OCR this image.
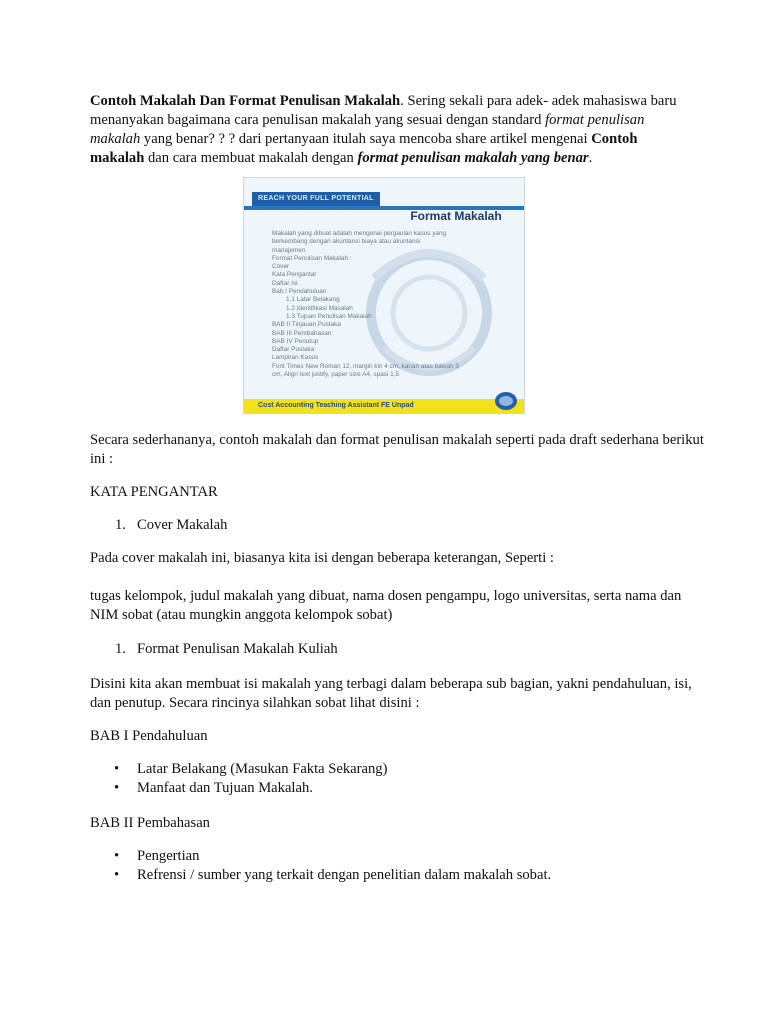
Contoh Makalah Dan Format Penulisan Makalah. Sering sekali para adek- adek mahasiswa baru menanyakan bagaimana cara penulisan makalah yang sesuai dengan standard format penulisan makalah yang benar? ? ? dari pertanyaan itulah saya mencoba share artikel mengenai Contoh makalah dan cara membuat makalah dengan format penulisan makalah yang benar.

REACH YOUR FULL POTENTIAL
Format Makalah
Makalah yang dibuat adalah mengenai pergaulan kasus yang
berkembang dengan akuntansi biaya atau akuntansi
manajemen
Format Penulisan Makalah :
Cover
Kata Pengantar
Daftar Isi
Bab I Pendahuluan
1.1 Latar Belakang
1.2 Identifikasi Masalah
1.3 Tujuan Penulisan Makalah
BAB II Tinjauan Pustaka
BAB III Pembahasan
BAB IV Penutup
Daftar Pustaka
Lampiran Kasus
Font Times New Roman 12, margin kiri 4 cm, kanan atas bawah 3
cm, Align text justify, paper size A4, spasi 1,5
Cost Accounting Teaching Assistant FE Unpad

Secara sederhananya, contoh makalah dan format penulisan makalah seperti pada draft sederhana berikut ini :

KATA PENGANTAR

1. Cover Makalah

Pada cover makalah ini, biasanya kita isi dengan beberapa keterangan, Seperti :

tugas kelompok, judul makalah yang dibuat, nama dosen pengampu, logo universitas, serta nama dan NIM sobat (atau mungkin anggota kelompok sobat)

1. Format Penulisan Makalah Kuliah

Disini kita akan membuat isi makalah yang terbagi dalam beberapa sub bagian, yakni pendahuluan, isi, dan penutup. Secara rincinya silahkan sobat lihat disini :

BAB I Pendahuluan

• Latar Belakang (Masukan Fakta Sekarang)
• Manfaat dan Tujuan Makalah.

BAB II Pembahasan

• Pengertian
• Refrensi / sumber yang terkait dengan penelitian dalam makalah sobat.
